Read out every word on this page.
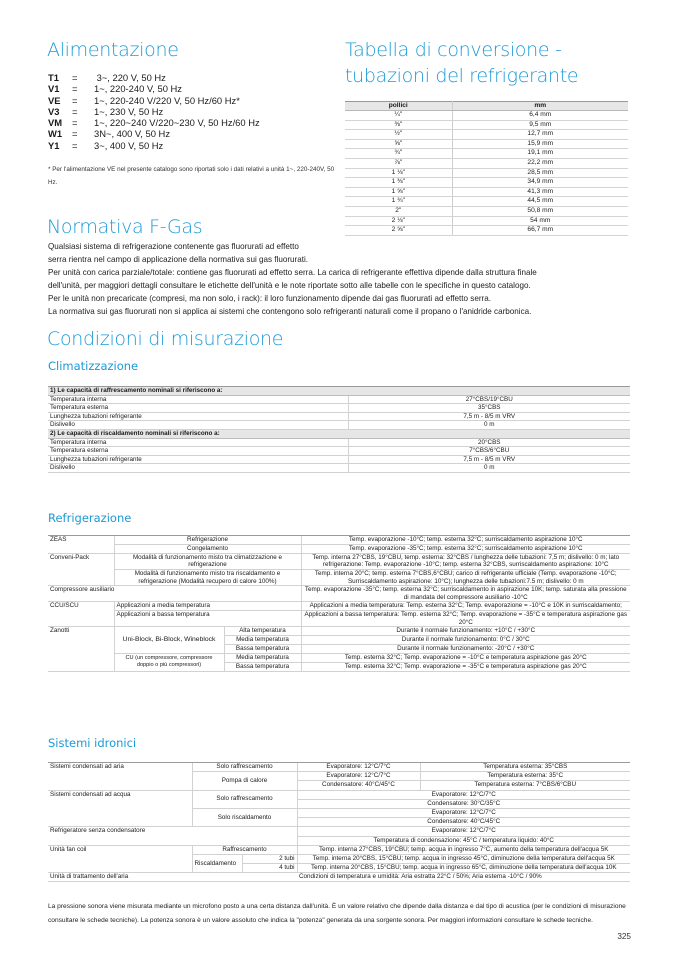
Alimentazione
T1	=	3~, 220 V, 50 Hz
V1	=	1~, 220-240 V, 50 Hz
VE	=	1~, 220-240 V/220 V, 50 Hz/60 Hz*
V3	=	1~, 230 V, 50 Hz
VM	=	1~, 220~240 V/220~230 V, 50 Hz/60 Hz
W1	=	3N~, 400 V, 50 Hz
Y1	=	3~, 400 V, 50 Hz
* Per l'alimentazione VE nel presente catalogo sono riportati solo i dati relativi a unità 1~, 220-240V, 50 Hz.
Tabella di conversione -
tubazioni del refrigerante
pollici	mm
¼"	6,4 mm
⅜"	9,5 mm
½"	12,7 mm
⅝"	15,9 mm
¾"	19,1 mm
⅞"	22,2 mm
1 ⅛"	28,5 mm
1 ⅜"	34,9 mm
1 ⅝"	41,3 mm
1 ¾"	44,5 mm
2"	50,8 mm
2 ⅛"	54 mm
2 ⅝"	66,7 mm
Normativa F-Gas
Qualsiasi sistema di refrigerazione contenente gas fluorurati ad effetto
serra rientra nel campo di applicazione della normativa sui gas fluorurati.
Per unità con carica parziale/totale: contiene gas fluorurati ad effetto serra. La carica di refrigerante effettiva dipende dalla struttura finale
dell'unità, per maggiori dettagli consultare le etichette dell'unità e le note riportate sotto alle tabelle con le specifiche in questo catalogo.
Per le unità non precaricate (compresi, ma non solo, i rack): il loro funzionamento dipende dai gas fluorurati ad effetto serra.
La normativa sui gas fluorurati non si applica ai sistemi che contengono solo refrigeranti naturali come il propano o l'anidride carbonica.
Condizioni di misurazione
Climatizzazione
1) Le capacità di raffrescamento nominali si riferiscono a:	
Temperatura interna	27°CBS/19°CBU
Temperatura esterna	35°CBS
Lunghezza tubazioni refrigerante	7,5 m - 8/5 m VRV
Dislivello	0 m
2) Le capacità di riscaldamento nominali si riferiscono a:	
Temperatura interna	20°CBS
Temperatura esterna	7°CBS/6°CBU
Lunghezza tubazioni refrigerante	7,5 m - 8/5 m VRV
Dislivello	0 m
Refrigerazione
ZEAS	Refrigerazione		Temp. evaporazione -10°C; temp. esterna 32°C; surriscaldamento aspirazione 10°C
	Congelamento		Temp. evaporazione -35°C; temp. esterna 32°C; surriscaldamento aspirazione 10°C
Conveni-Pack	Modalità di funzionamento misto tra climatizzazione e refrigerazione		Temp. interna 27°CBS, 19°CBU, temp. esterna: 32°CBS / lunghezza delle tubazioni: 7,5 m; dislivello: 0 m; lato refrigerazione: Temp. evaporazione -10°C; temp. esterna 32°CBS, surriscaldamento aspirazione: 10°C
	Modalità di funzionamento misto tra riscaldamento e refrigerazione (Modalità recupero di calore 100%)		Temp. interna 20°C; temp. esterna 7°CBS,6°CBU; carico di refrigerante ufficiale (Temp. evaporazione -10°C; Surriscaldamento aspirazione: 10°C); lunghezza delle tubazioni:7.5 m; dislivello: 0 m
Compressore ausiliario			Temp. evaporazione -35°C; temp. esterna 32°C; surriscaldamento in aspirazione 10K; temp. saturata alla pressione di mandata del compressore ausiliario -10°C
CCU/SCU	Applicazioni a media temperatura		Applicazioni a media temperatura: Temp. esterna 32°C; Temp. evaporazione = -10°C e 10K in surriscaldamento;
	Applicazioni a bassa temperatura		Applicazioni a bassa temperatura: Temp. esterna 32°C; Temp. evaporazione = -35°C e temperatura aspirazione gas 20°C
Zanotti	Uni-Block, Bi-Block, Wineblock	Alta temperatura	Durante il normale funzionamento: +10°C / +30°C
		Media temperatura	Durante il normale funzionamento: 0°C / 30°C
		Bassa temperatura	Durante il normale funzionamento: -20°C / +30°C
	CU (un compressore, compressore doppio o più compressori)	Media temperatura	Temp. esterna 32°C; Temp. evaporazione = -10°C e temperatura aspirazione gas 20°C
		Bassa temperatura	Temp. esterna 32°C; Temp. evaporazione = -35°C e temperatura aspirazione gas 20°C
Sistemi idronici
Sistemi condensati ad aria	Solo raffrescamento		Evaporatore: 12°C/7°C	Temperatura esterna: 35°CBS
	Pompa di calore		Evaporatore: 12°C/7°C	Temperatura esterna: 35°C
			Condensatore: 40°C/45°C	Temperatura esterna: 7°CBS/6°CBU
Sistemi condensati ad acqua	Solo raffrescamento		Evaporatore: 12°C/7°C	
			Condensatore: 30°C/35°C	
	Solo riscaldamento		Evaporatore: 12°C/7°C	
			Condensatore: 40°C/45°C	
Refrigeratore senza condensatore			Evaporatore: 12°C/7°C	
			Temperatura di condensazione: 45°C / temperatura liquido: 40°C	
Unità fan coil	Raffrescamento		Temp. interna 27°CBS, 19°CBU; temp. acqua in ingresso 7°C, aumento della temperatura dell'acqua 5K	
	Riscaldamento	2 tubi	Temp. interna 20°CBS, 15°CBU; temp. acqua in ingresso 45°C, diminuzione della temperatura dell'acqua 5K	
		4 tubi	Temp. interna 20°CBS, 15°CBU; temp. acqua in ingresso 65°C, diminuzione della temperatura dell'acqua 10K	
Unità di trattamento dell'aria			Condizioni di temperatura e umidità: Aria estratta 22°C / 50%; Aria esterna -10°C / 90%	
La pressione sonora viene misurata mediante un microfono posto a una certa distanza dall'unità. È un valore relativo che dipende dalla distanza e dal tipo di acustica (per le condizioni di misurazione consultare le schede tecniche). La potenza sonora è un valore assoluto che indica la "potenza" generata da una sorgente sonora. Per maggiori informazioni consultare le schede tecniche.
325
